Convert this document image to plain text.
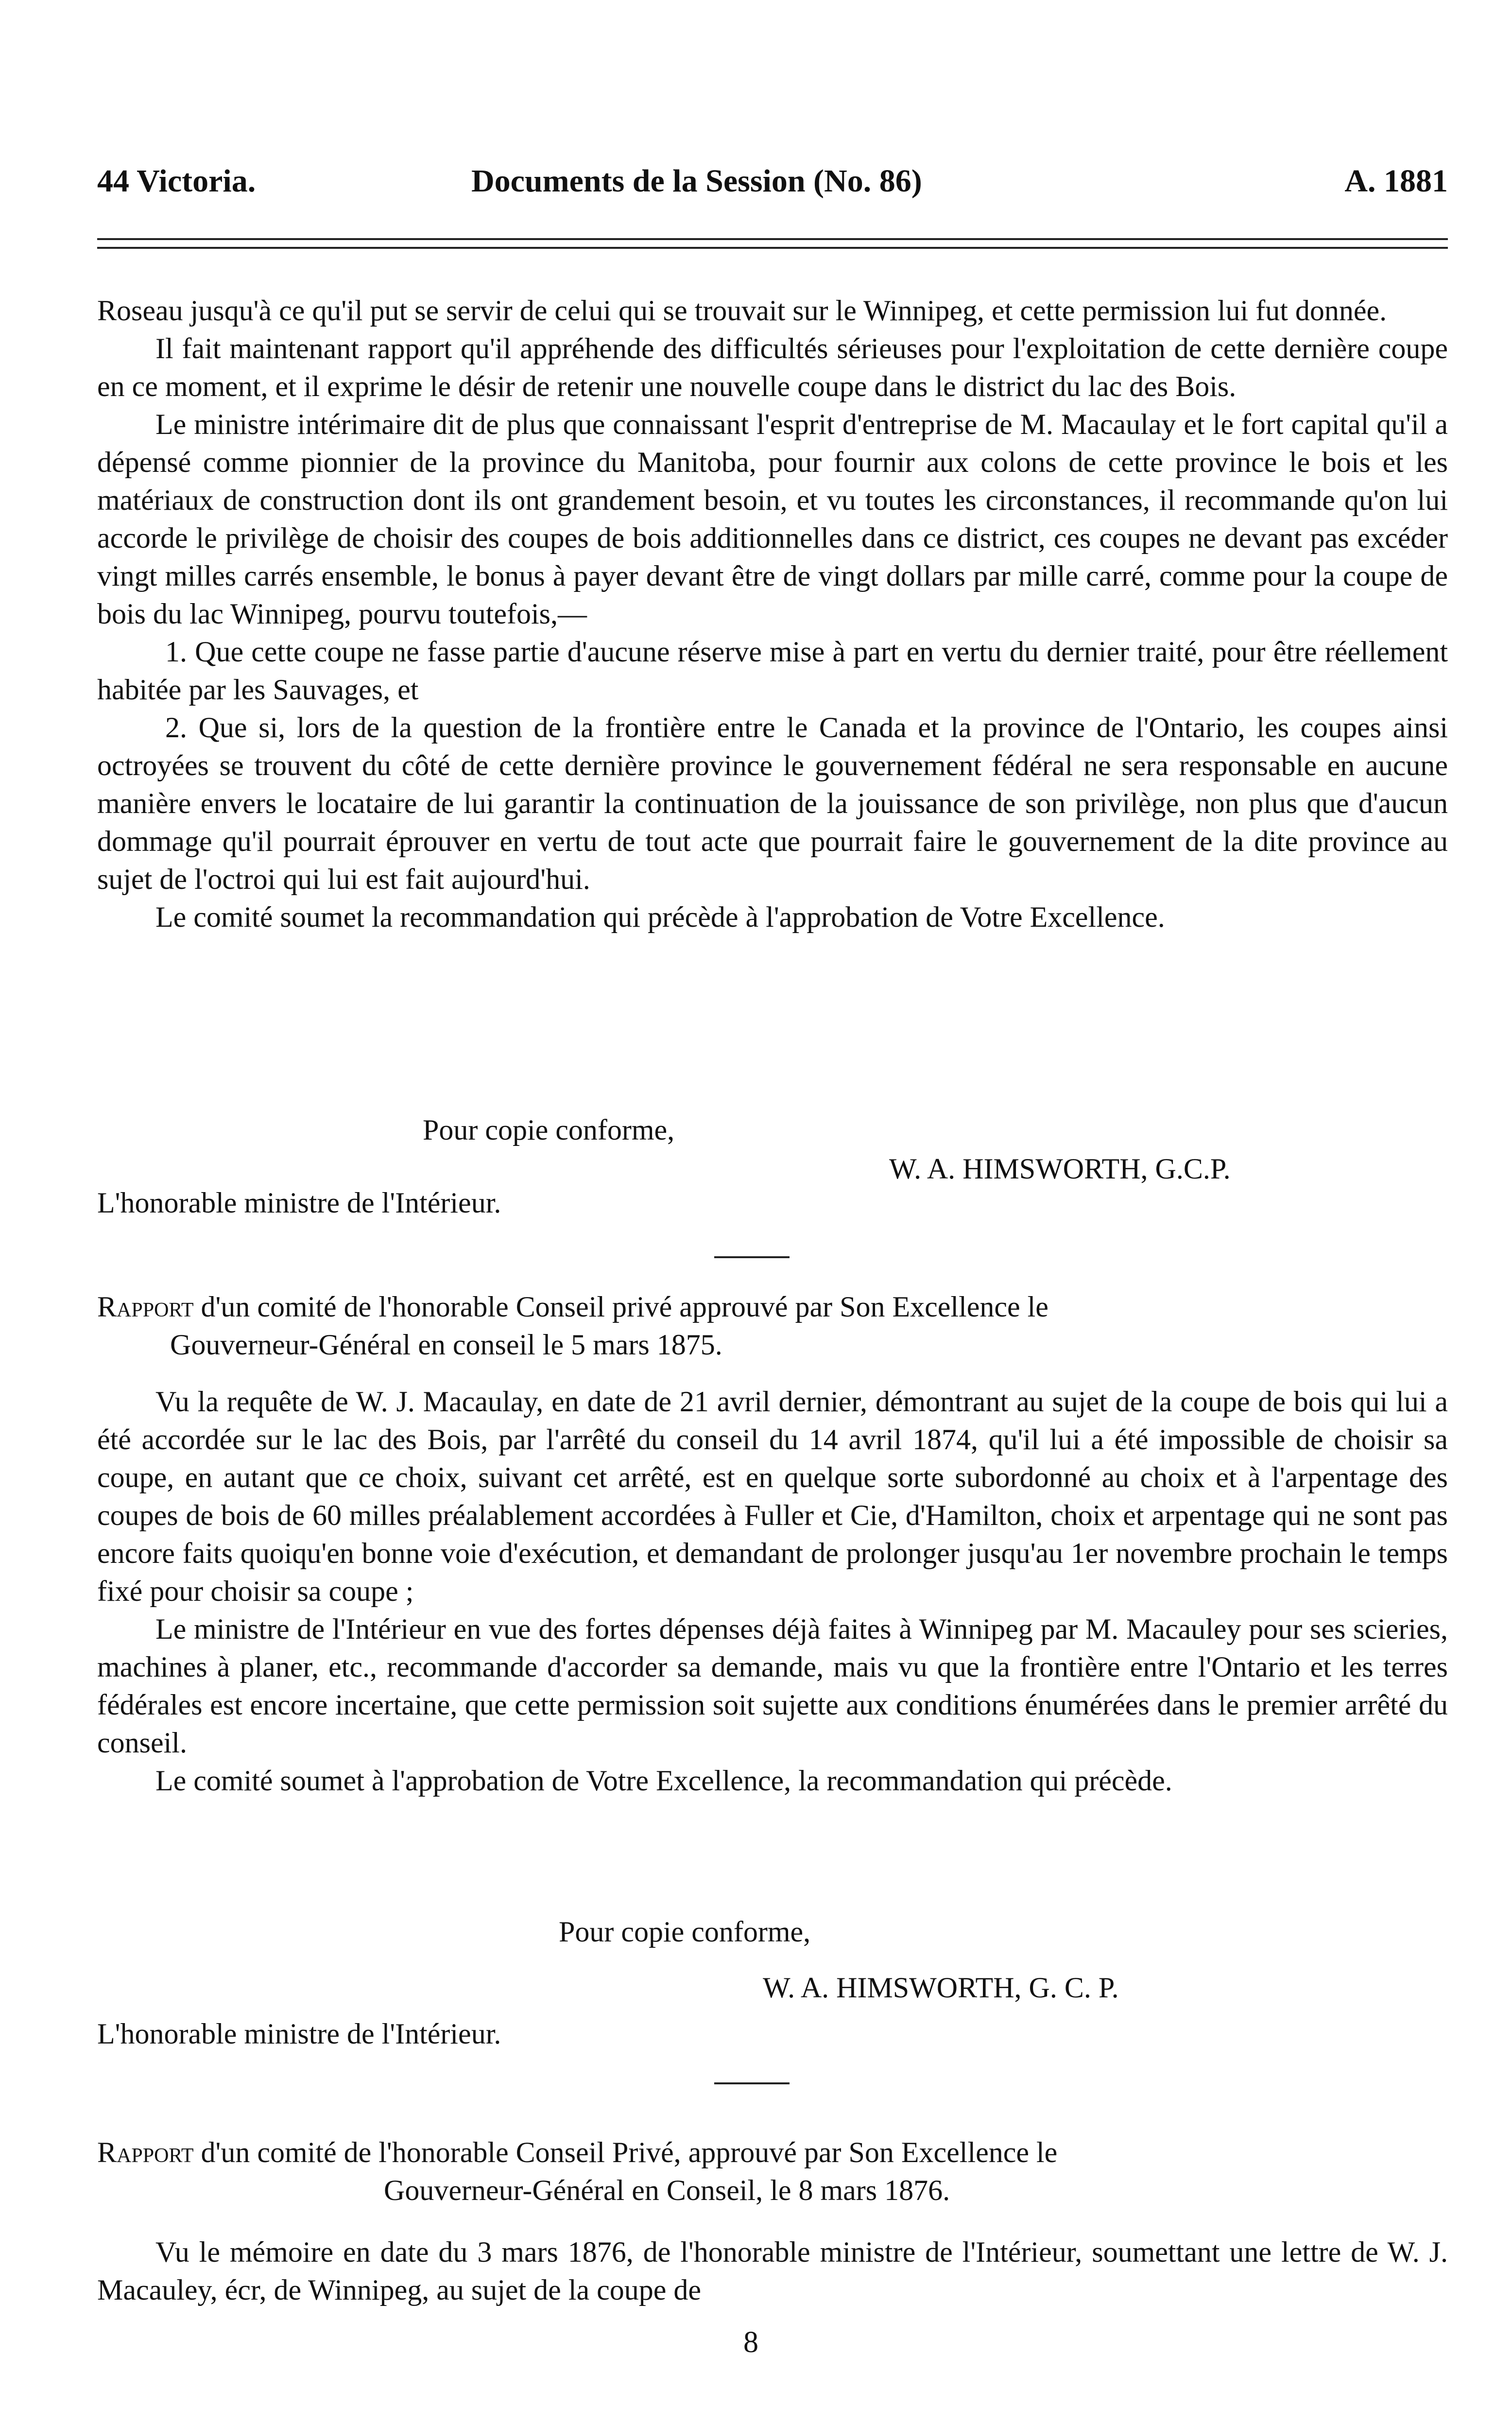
44 Victoria.	Documents de la Session (No. 86)	A. 1881

Roseau jusqu'à ce qu'il put se servir de celui qui se trouvait sur le Winnipeg, et cette permission lui fut donnée.

Il fait maintenant rapport qu'il appréhende des difficultés sérieuses pour l'exploitation de cette dernière coupe en ce moment, et il exprime le désir de retenir une nouvelle coupe dans le district du lac des Bois.

Le ministre intérimaire dit de plus que connaissant l'esprit d'entreprise de M. Macaulay et le fort capital qu'il a dépensé comme pionnier de la province du Manitoba, pour fournir aux colons de cette province le bois et les matériaux de construction dont ils ont grandement besoin, et vu toutes les circonstances, il recommande qu'on lui accorde le privilège de choisir des coupes de bois additionnelles dans ce district, ces coupes ne devant pas excéder vingt milles carrés ensemble, le bonus à payer devant être de vingt dollars par mille carré, comme pour la coupe de bois du lac Winnipeg, pourvu toutefois,—

1. Que cette coupe ne fasse partie d'aucune réserve mise à part en vertu du dernier traité, pour être réellement habitée par les Sauvages, et

2. Que si, lors de la question de la frontière entre le Canada et la province de l'Ontario, les coupes ainsi octroyées se trouvent du côté de cette dernière province le gouvernement fédéral ne sera responsable en aucune manière envers le locataire de lui garantir la continuation de la jouissance de son privilège, non plus que d'aucun dommage qu'il pourrait éprouver en vertu de tout acte que pourrait faire le gouvernement de la dite province au sujet de l'octroi qui lui est fait aujourd'hui.

Le comité soumet la recommandation qui précède à l'approbation de Votre Excellence.

Pour copie conforme,
W. A. HIMSWORTH, G.C.P.
L'honorable ministre de l'Intérieur.

Rapport d'un comité de l'honorable Conseil privé approuvé par Son Excellence le

Gouverneur-Général en conseil le 5 mars 1875.

Vu la requête de W. J. Macaulay, en date de 21 avril dernier, démontrant au sujet de la coupe de bois qui lui a été accordée sur le lac des Bois, par l'arrêté du conseil du 14 avril 1874, qu'il lui a été impossible de choisir sa coupe, en autant que ce choix, suivant cet arrêté, est en quelque sorte subordonné au choix et à l'arpentage des coupes de bois de 60 milles préalablement accordées à Fuller et Cie, d'Hamilton, choix et arpentage qui ne sont pas encore faits quoiqu'en bonne voie d'exécution, et demandant de prolonger jusqu'au 1er novembre prochain le temps fixé pour choisir sa coupe ;

Le ministre de l'Intérieur en vue des fortes dépenses déjà faites à Winnipeg par M. Macauley pour ses scieries, machines à planer, etc., recommande d'accorder sa demande, mais vu que la frontière entre l'Ontario et les terres fédérales est encore incertaine, que cette permission soit sujette aux conditions énumérées dans le premier arrêté du conseil.

Le comité soumet à l'approbation de Votre Excellence, la recommandation qui précède.

Pour copie conforme,
W. A. HIMSWORTH, G. C. P.
L'honorable ministre de l'Intérieur.

Rapport d'un comité de l'honorable Conseil Privé, approuvé par Son Excellence le

Gouverneur-Général en Conseil, le 8 mars 1876.

Vu le mémoire en date du 3 mars 1876, de l'honorable ministre de l'Intérieur, soumettant une lettre de W. J. Macauley, écr, de Winnipeg, au sujet de la coupe de

8
